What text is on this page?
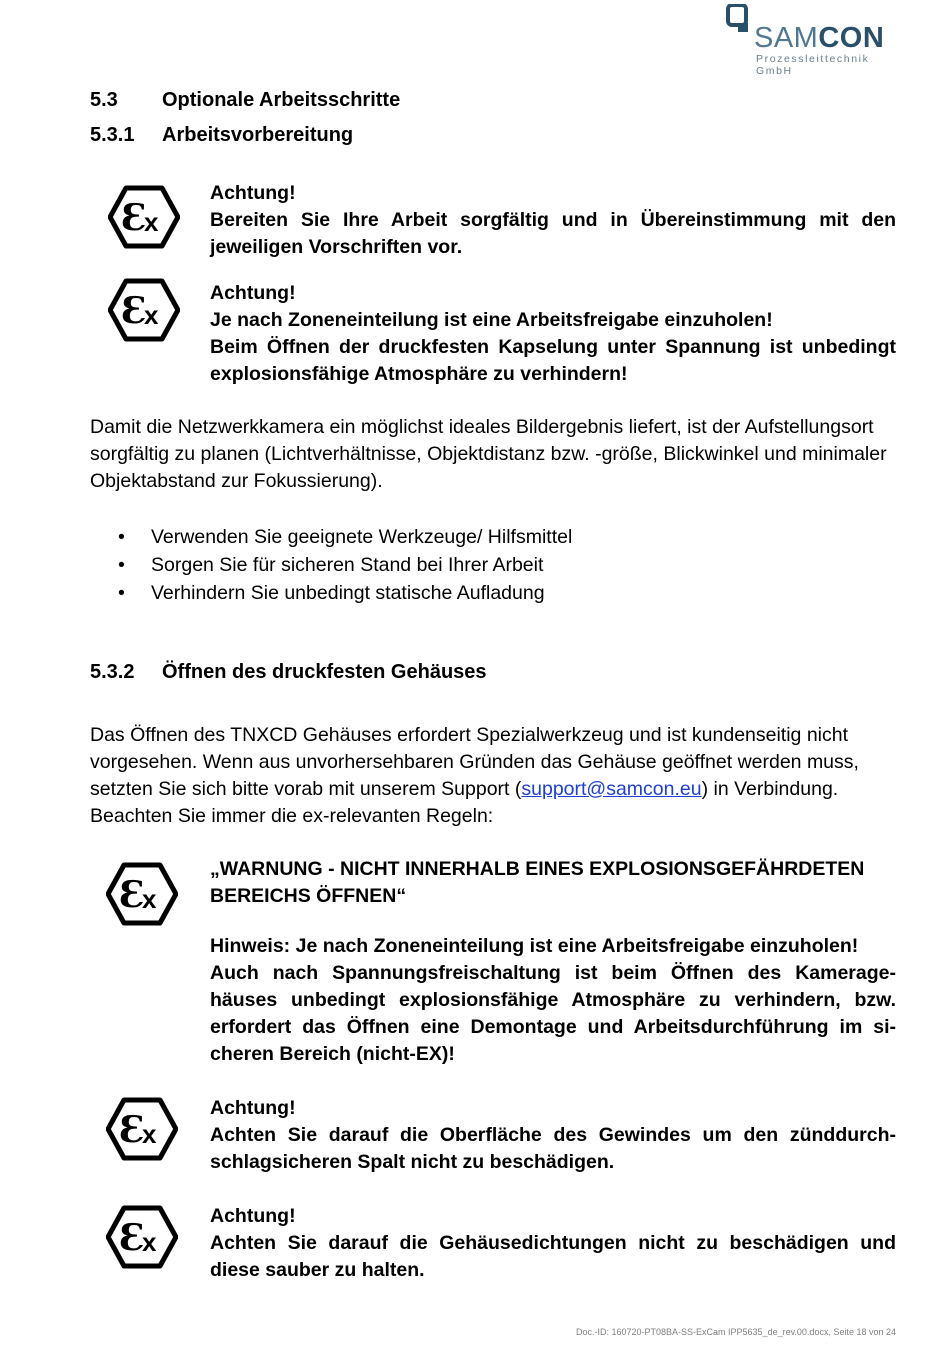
SAMCON
Prozessleittechnik GmbH
5.3 Optionale Arbeitsschritte
5.3.1 Arbeitsvorbereitung
Achtung!
Bereiten Sie Ihre Arbeit sorgfältig und in Übereinstimmung mit den jeweiligen Vorschriften vor.
Achtung!
Je nach Zoneneinteilung ist eine Arbeitsfreigabe einzuholen!
Beim Öffnen der druckfesten Kapselung unter Spannung ist unbedingt explosionsfähige Atmosphäre zu verhindern!
Damit die Netzwerkkamera ein möglichst ideales Bildergebnis liefert, ist der Aufstellungsort sorgfältig zu planen (Lichtverhältnisse, Objektdistanz bzw. -größe, Blickwinkel und minimaler Objektabstand zur Fokussierung).
• Verwenden Sie geeignete Werkzeuge/ Hilfsmittel
• Sorgen Sie für sicheren Stand bei Ihrer Arbeit
• Verhindern Sie unbedingt statische Aufladung
5.3.2 Öffnen des druckfesten Gehäuses
Das Öffnen des TNXCD Gehäuses erfordert Spezialwerkzeug und ist kundenseitig nicht vorgesehen. Wenn aus unvorhersehbaren Gründen das Gehäuse geöffnet werden muss, setzten Sie sich bitte vorab mit unserem Support (support@samcon.eu) in Verbindung.
Beachten Sie immer die ex-relevanten Regeln:
„WARNUNG - NICHT INNERHALB EINES EXPLOSIONSGEFÄHRDETEN BEREICHS ÖFFNEN“
Hinweis: Je nach Zoneneinteilung ist eine Arbeitsfreigabe einzuholen!
Auch nach Spannungsfreischaltung ist beim Öffnen des Kamerage- häuses unbedingt explosionsfähige Atmosphäre zu verhindern, bzw. erfordert das Öffnen eine Demontage und Arbeitsdurchführung im si- cheren Bereich (nicht-EX)!
Achtung!
Achten Sie darauf die Oberfläche des Gewindes um den zünddurch- schlagsicheren Spalt nicht zu beschädigen.
Achtung!
Achten Sie darauf die Gehäusedichtungen nicht zu beschädigen und diese sauber zu halten.
Doc.-ID: 160720-PT08BA-SS-ExCam IPP5635_de_rev.00.docx, Seite 18 von 24
